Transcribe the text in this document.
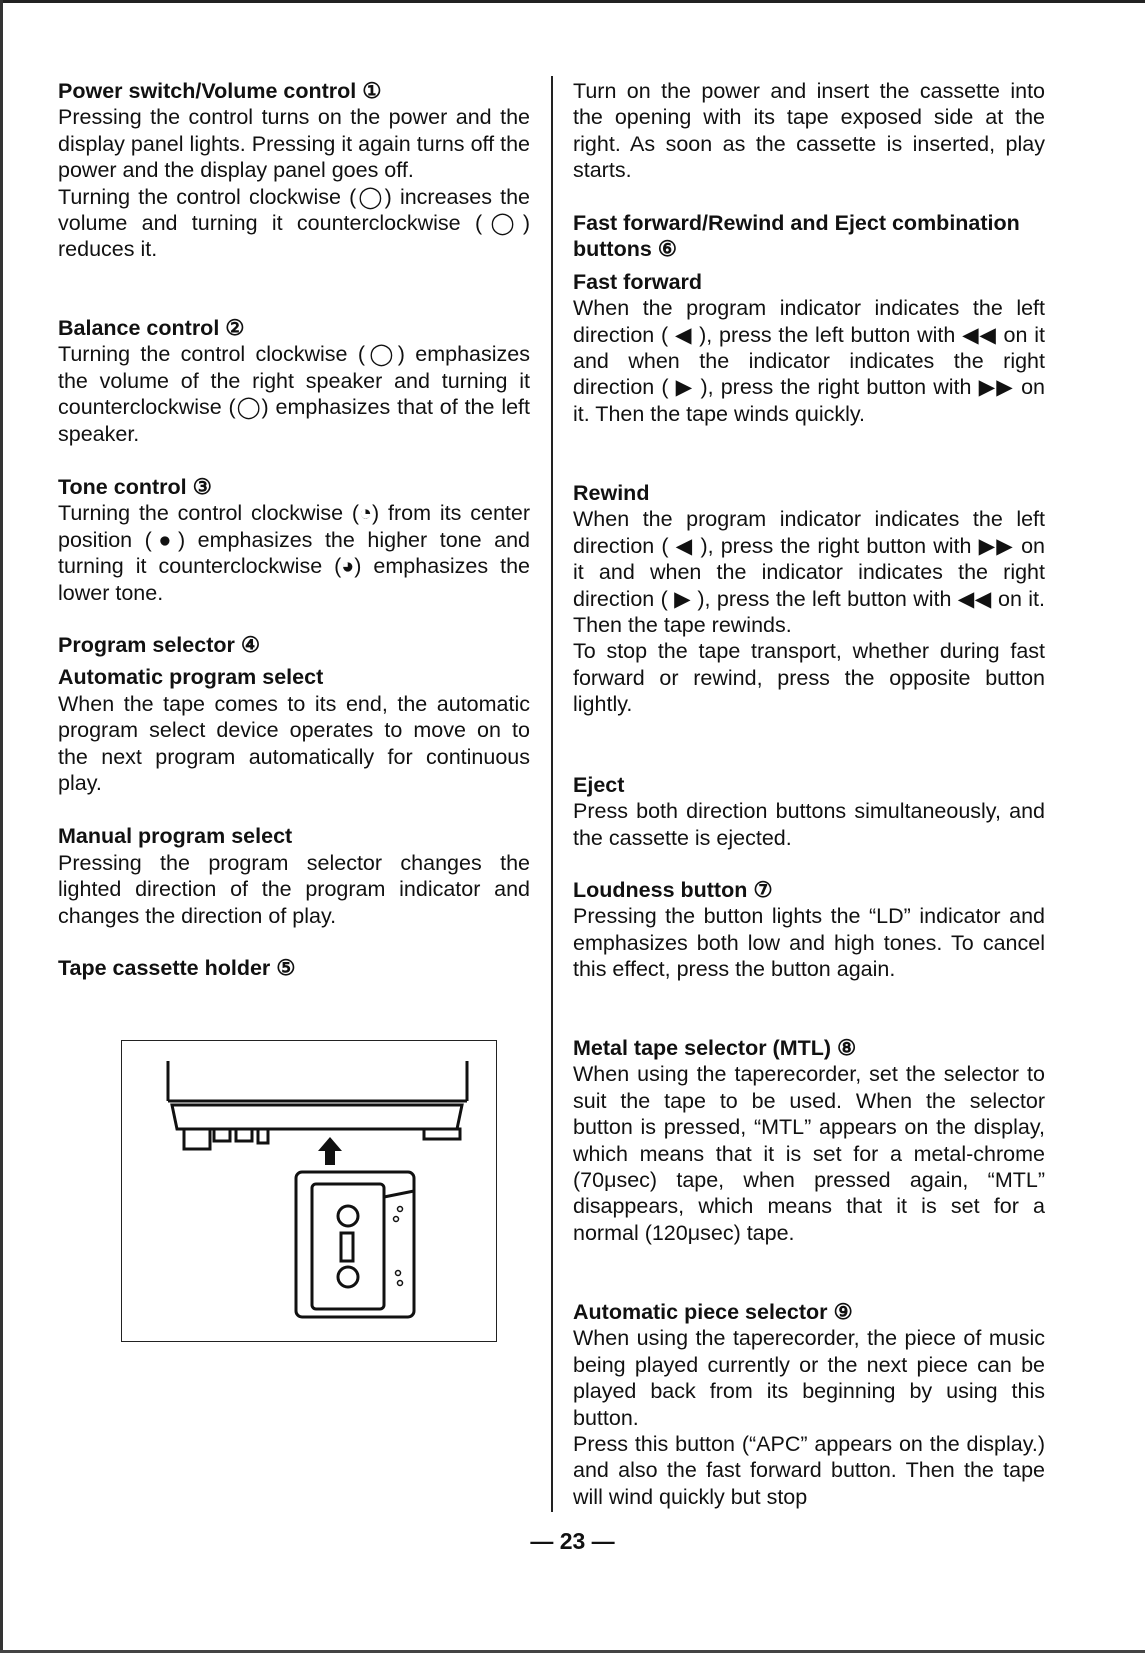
Power switch/Volume control ①
Pressing the control turns on the power and the display panel lights. Pressing it again turns off the power and the display panel goes off.
Turning the control clockwise (◯) increases the volume and turning it counterclockwise (◯) reduces it.
Balance control ②
Turning the control clockwise (◯) emphasizes the volume of the right speaker and turning it counterclockwise (◯) emphasizes that of the left speaker.
Tone control ③
Turning the control clockwise (◔) from its center position (●) emphasizes the higher tone and turning it counterclockwise (◕) emphasizes the lower tone.
Program selector ④
Automatic program select
When the tape comes to its end, the automatic program select device operates to move on to the next program automatically for continuous play.
Manual program select
Pressing the program selector changes the lighted direction of the program indicator and changes the direction of play.
Tape cassette holder ⑤
Turn on the power and insert the cassette into the opening with its tape exposed side at the right. As soon as the cassette is inserted, play starts.
Fast forward/Rewind and Eject combination buttons ⑥
Fast forward
When the program indicator indicates the left direction ( ◀ ), press the left button with ◀◀ on it and when the indicator indicates the right direction ( ▶ ), press the right button with ▶▶ on it. Then the tape winds quickly.
Rewind
When the program indicator indicates the left direction ( ◀ ), press the right button with ▶▶ on it and when the indicator indicates the right direction ( ▶ ), press the left button with ◀◀ on it. Then the tape rewinds.
To stop the tape transport, whether during fast forward or rewind, press the opposite button lightly.
Eject
Press both direction buttons simultaneously, and the cassette is ejected.
Loudness button ⑦
Pressing the button lights the “LD” indicator and emphasizes both low and high tones. To cancel this effect, press the button again.
Metal tape selector (MTL) ⑧
When using the taperecorder, set the selector to suit the tape to be used. When the selector button is pressed, “MTL” appears on the display, which means that it is set for a metal-chrome (70μsec) tape, when pressed again, “MTL” disappears, which means that it is set for a normal (120μsec) tape.
Automatic piece selector ⑨
When using the taperecorder, the piece of music being played currently or the next piece can be played back from its beginning by using this button.
Press this button (“APC” appears on the display.) and also the fast forward button. Then the tape will wind quickly but stop
— 23 —
